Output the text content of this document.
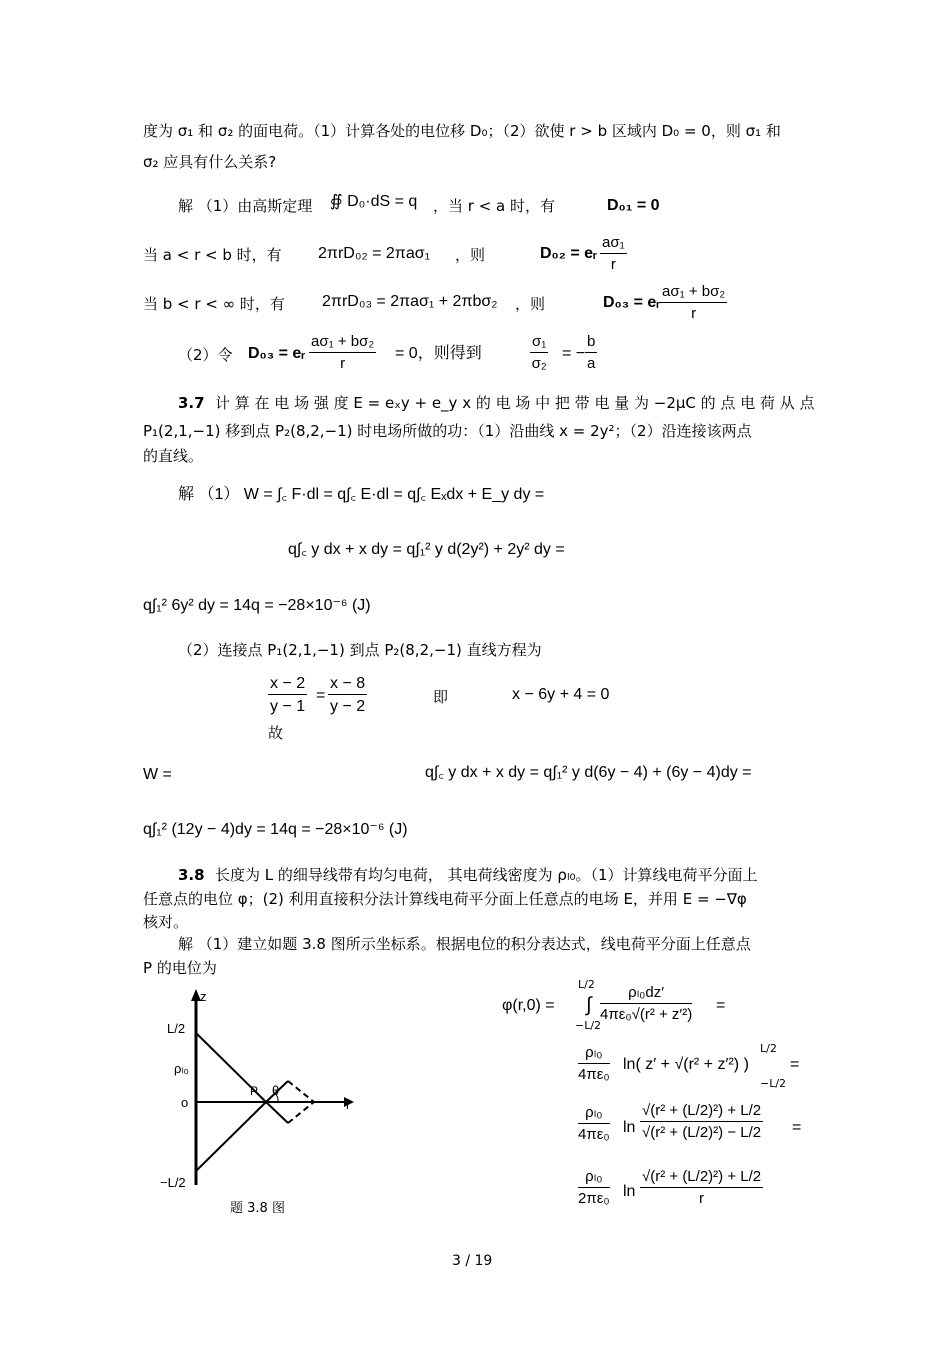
度为 σ₁ 和 σ₂ 的面电荷。（1）计算各处的电位移 D₀；（2）欲使 r > b 区域内 D₀ = 0，则 σ₁ 和
σ₂ 应具有什么关系?
解 （1）由高斯定理 ∯ D₀·dS = q ，当 r < a 时，有	D₀₁ = 0
当 a < r < b 时，有 2πrD₀₂ = 2πaσ₁ ，则	D₀₂ = eᵣ $\frac{\text{aσ₁}}{r}$
当 b < r < ∞ 时，有 2πrD₀₃ = 2πaσ₁ + 2πbσ₂ ，则	D₀₃ = eᵣ $\frac{\text{aσ₁ + bσ₂}}{r}$
（2）令 D₀₃ = eᵣ $\frac{\text{aσ₁ + bσ₂}}{r} = 0$，则得到	$\frac{\text{σ₁}}{\text{σ₂}}$ = − $\frac{b}{a}$
3.7 计 算 在 电 场 强 度 E = eₓy + e_y x 的 电 场 中 把 带 电 量 为 −2μC 的 点 电 荷 从 点
P₁(2,1,−1) 移到点 P₂(8,2,−1) 时电场所做的功：（1）沿曲线 x = 2y²；（2）沿连接该两点
的直线。
解 （1） W = ∫꜀ F·dl = q∫꜀ E·dl = q∫꜀ Eₓdx + E_y dy =
q∫꜀ y dx + x dy = q∫₁² y d(2y²) + 2y² dy =
q∫₁² 6y² dy = 14q = −28×10⁻⁶ (J)
（2）连接点 P₁(2,1,−1) 到点 P₂(8,2,−1) 直线方程为
$\frac{x - 2}{y - 1} = \frac{x - 8}{y - 2}$	即	x − 6y + 4 = 0
故
W =	q∫꜀ y dx + x dy = q∫₁² y d(6y − 4) + (6y − 4)dy =
q∫₁² (12y − 4)dy = 14q = −28×10⁻⁶ (J)
3.8 长度为 L 的细导线带有均匀电荷， 其电荷线密度为 ρₗ₀。（1）计算线电荷平分面上
任意点的电位 φ；(2) 利用直接积分法计算线电荷平分面上任意点的电场 E，并用 E = −∇φ
核对。
解 （1）建立如题 3.8 图所示坐标系。根据电位的积分表达式，线电荷平分面上任意点
P 的电位为
z
L/2
ρₗ₀
o
P θ
r
−L/2
题 3.8 图
φ(r,0) =
L/2
∫
−L/2
$\frac{\text{ρₗ₀dz′}}{\text{4πε₀√(r² + z′²)}}$ =
$\frac{\text{ρₗ₀}}{\text{4πε₀}} \ln$( z′ + √(r² + z′²) )
L/2
−L/2
=
$\frac{\text{ρₗ₀}}{\text{4πε₀}}$ $\ln \frac{\text{√(r² + (L/2)²) + L/2}}{\text{√(r² + (L/2)²) − L/2}}$ =
$\frac{\text{ρₗ₀}}{\text{2πε₀}}$ $\ln \frac{\text{√(r² + (L/2)²) + L/2}}{r}$
3 / 19
